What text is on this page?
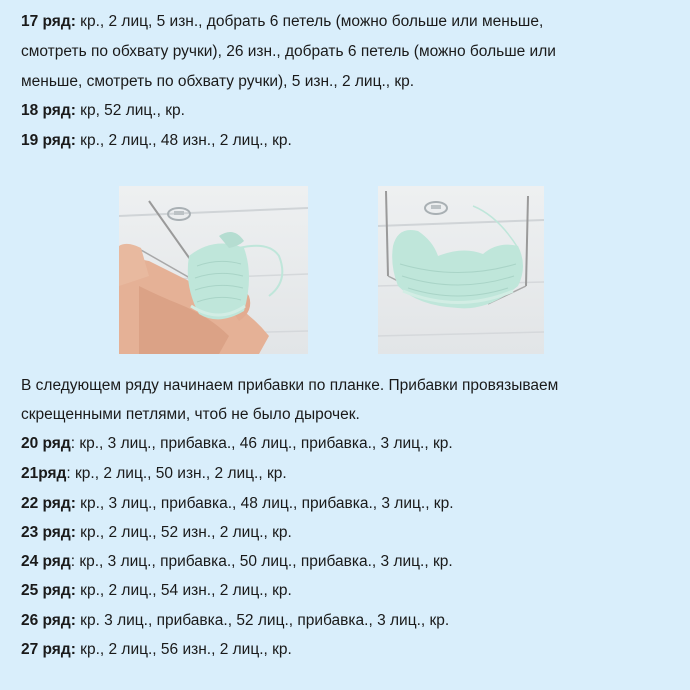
17 ряд: кр., 2 лиц, 5 изн., добрать 6 петель (можно больше или меньше,
смотреть по обхвату ручки), 26 изн., добрать 6 петель (можно больше или
меньше, смотреть по обхвату ручки), 5 изн., 2 лиц., кр.
18 ряд: кр, 52 лиц., кр.
19 ряд: кр., 2 лиц., 48 изн., 2 лиц., кр.
В следующем ряду начинаем прибавки по планке. Прибавки провязываем
скрещенными петлями, чтоб не было дырочек.
20 ряд: кр., 3 лиц., прибавка., 46 лиц., прибавка., 3 лиц., кр.
21ряд: кр., 2 лиц., 50 изн., 2 лиц., кр.
22 ряд: кр., 3 лиц., прибавка., 48 лиц., прибавка., 3 лиц., кр.
23 ряд: кр., 2 лиц., 52 изн., 2 лиц., кр.
24 ряд: кр., 3 лиц., прибавка., 50 лиц., прибавка., 3 лиц., кр.
25 ряд: кр., 2 лиц., 54 изн., 2 лиц., кр.
26 ряд: кр. 3 лиц., прибавка., 52 лиц., прибавка., 3 лиц., кр.
27 ряд: кр., 2 лиц., 56 изн., 2 лиц., кр.
